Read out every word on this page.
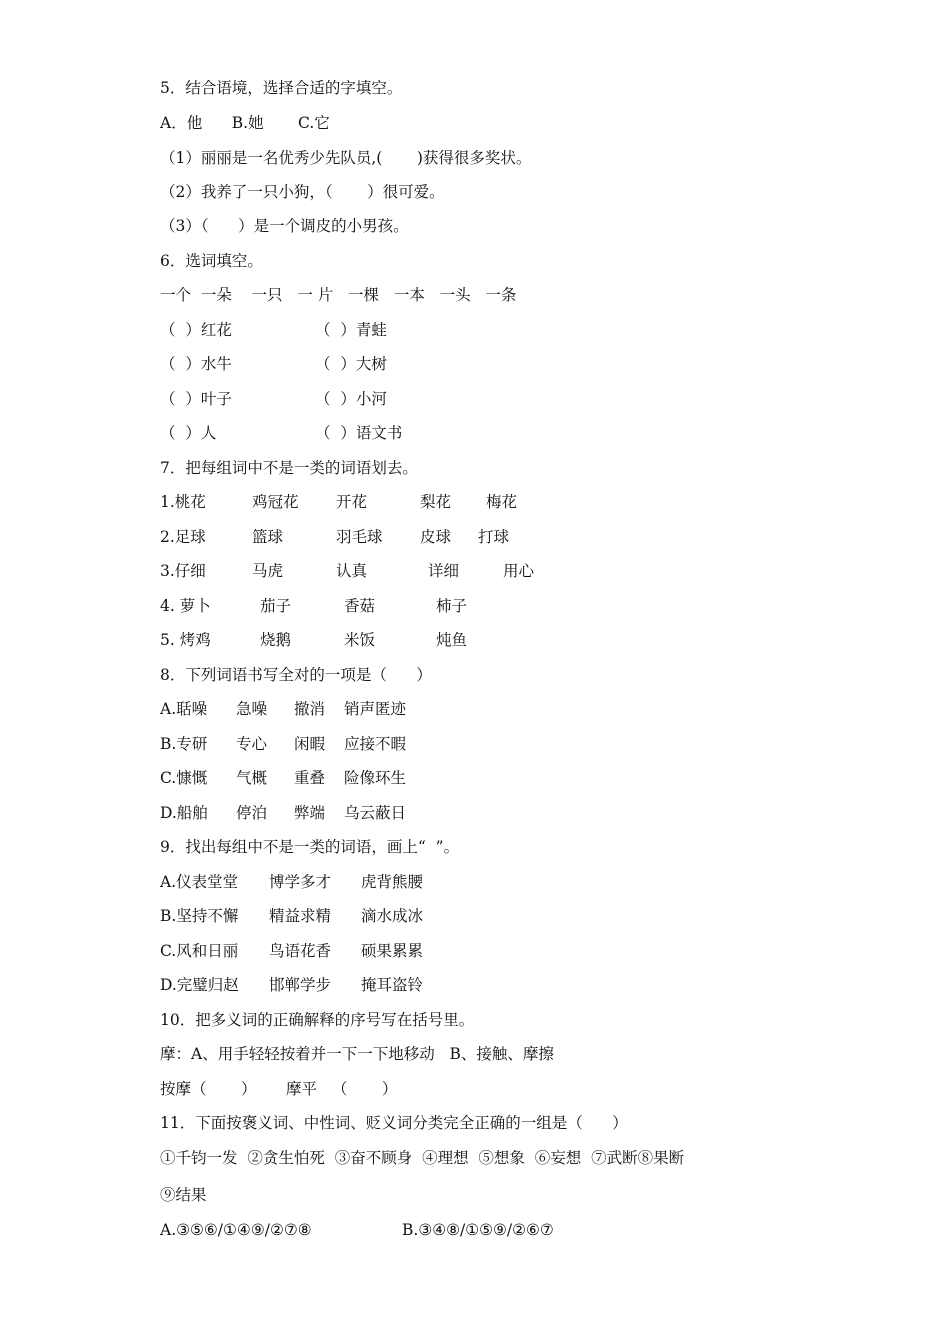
5．结合语境，选择合适的字填空。
A．他      B.她       C.它
（1）丽丽是一名优秀少先队员,(       )获得很多奖状。
（2）我养了一只小狗，（       ）很可爱。
（3）（      ）是一个调皮的小男孩。
6．选词填空。
一个  一朵    一只   一 片   一棵   一本   一头   一条
（  ）红花	（  ）青蛙
（  ）水牛	（  ）大树
（  ）叶子	（  ）小河
（  ）人	（  ）语文书
7．把每组词中不是一类的词语划去。
1.桃花	鸡冠花 开花	梨花 梅花
2.足球	篮球	羽毛球 皮球 打球
3.仔细	马虎	认真	详细	用心
4. 萝卜	茄子	香菇	柿子
5. 烤鸡	烧鹅	米饭	炖鱼
8．下列词语书写全对的一项是（      ）
A.聒噪 急噪 撤消 销声匿迹
B.专研 专心 闲暇 应接不暇
C.慷慨 气概 重叠 险像环生
D.船舶 停泊 弊端 乌云蔽日
9．找出每组中不是一类的词语，画上“  ”。
A.仪表堂堂 博学多才 虎背熊腰
B.坚持不懈 精益求精 滴水成冰
C.风和日丽 鸟语花香 硕果累累
D.完璧归赵 邯郸学步 掩耳盗铃
10．把多义词的正确解释的序号写在括号里。
摩：A、用手轻轻按着并一下一下地移动   B、接触、摩擦
按摩（       ）      摩平   （       ）
11．下面按褒义词、中性词、贬义词分类完全正确的一组是（      ）
①千钧一发  ②贪生怕死  ③奋不顾身  ④理想  ⑤想象  ⑥妄想  ⑦武断⑧果断
⑨结果
A.③⑤⑥/①④⑨/②⑦⑧	B.③④⑧/①⑤⑨/②⑥⑦
